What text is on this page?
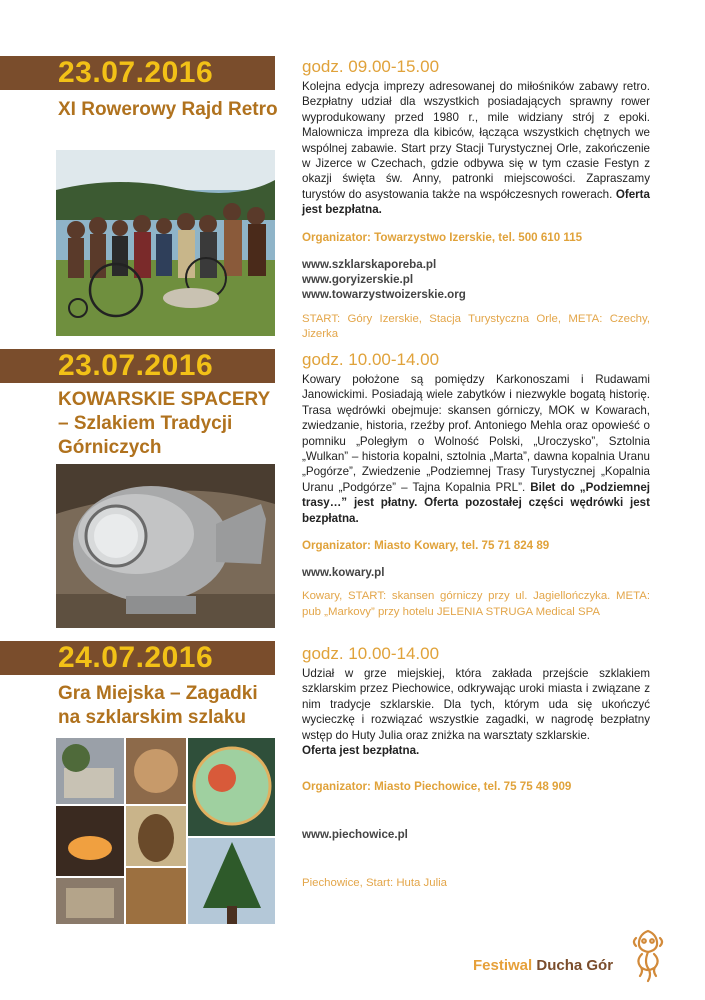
23.07.2016
XI Rowerowy Rajd Retro

godz. 09.00-15.00

Kolejna edycja imprezy adresowanej do miłośników zabawy retro. Bezpłatny udział dla wszystkich posiadających sprawny rower wyprodukowany przed 1980 r., mile widziany strój z epoki. Malownicza impreza dla kibiców, łącząca wszystkich chętnych we wspólnej zabawie. Start przy Stacji Turystycznej Orle, zakończenie w Jizerce w Czechach, gdzie odbywa się w tym czasie Festyn z okazji święta św. Anny, patronki miejscowości. Zapraszamy turystów do asystowania także na współczesnych rowerach. Oferta jest bezpłatna.

Organizator: Towarzystwo Izerskie, tel. 500 610 115

www.szklarskaporeba.pl

www.goryizerskie.pl

www.towarzystwoizerskie.org

START: Góry Izerskie, Stacja Turystyczna Orle, META: Czechy, Jizerka

23.07.2016
KOWARSKIE SPACERY
– Szlakiem Tradycji Górniczych

godz. 10.00-14.00

Kowary położone są pomiędzy Karkonoszami i Rudawami Janowickimi. Posiadają wiele zabytków i niezwykle bogatą historię. Trasa wędrówki obejmuje: skansen górniczy, MOK w Kowarach, zwiedzanie, historia, rzeźby prof. Antoniego Mehla oraz opowieść o pomniku „Poległym o Wolność Polski, „Uroczysko”, Sztolnia „Wulkan” – historia kopalni, sztolnia „Marta”, dawna kopalnia Uranu „Pogórze”, Zwiedzenie „Podziemnej Trasy Turystycznej „Kopalnia Uranu „Podgórze” – Tajna Kopalnia PRL”. Bilet do „Podziemnej trasy…” jest płatny. Oferta pozostałej części wędrówki jest bezpłatna.

Organizator: Miasto Kowary, tel. 75 71 824 89

www.kowary.pl

Kowary, START: skansen górniczy przy ul. Jagiellończyka. META: pub „Markovy” przy hotelu JELENIA STRUGA Medical SPA

24.07.2016
Gra Miejska – Zagadki na szklarskim szlaku

godz. 10.00-14.00

Udział w grze miejskiej, która zakłada przejście szklakiem szklarskim przez Piechowice, odkrywając uroki miasta i związane z nim tradycje szklarskie. Dla tych, którym uda się ukończyć wycieczkę i rozwiązać wszystkie zagadki, w nagrodę bezpłatny wstęp do Huty Julia oraz zniżka na warsztaty szklarskie.

Oferta jest bezpłatna.

Organizator: Miasto Piechowice, tel. 75 75 48 909

www.piechowice.pl

Piechowice, Start: Huta Julia

Festiwal Ducha Gór
